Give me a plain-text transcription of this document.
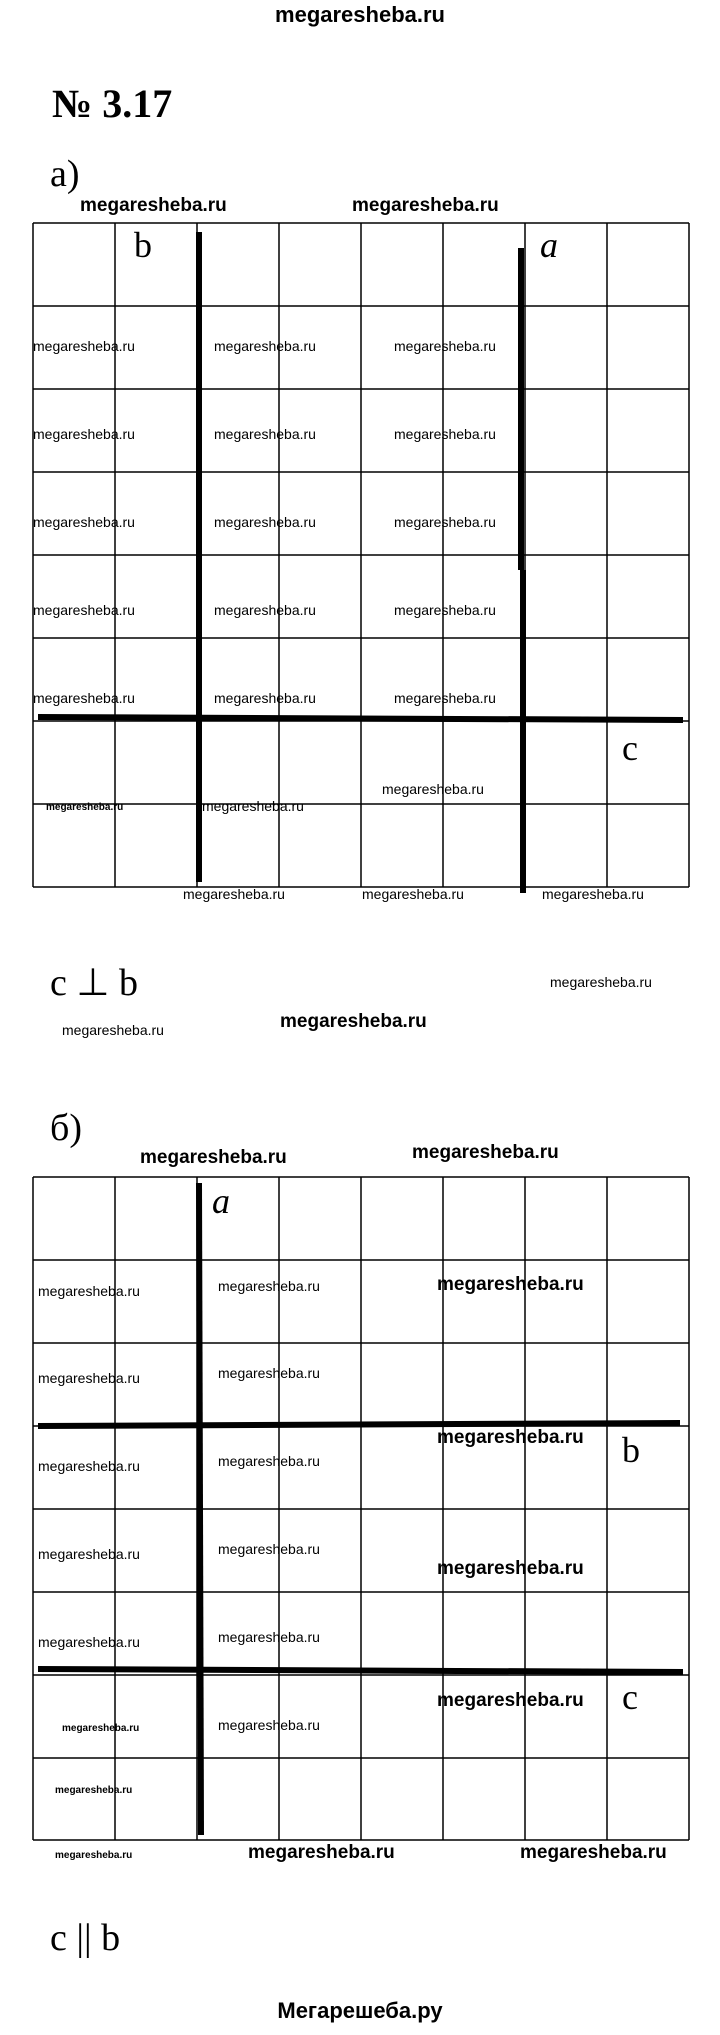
megaresheba.ru
№ 3.17
а)
megaresheba.ru	megaresheba.ru
b	a
c
megaresheba.ru	megaresheba.ru	megaresheba.ru
megaresheba.ru	megaresheba.ru	megaresheba.ru
megaresheba.ru	megaresheba.ru	megaresheba.ru
megaresheba.ru	megaresheba.ru	megaresheba.ru
megaresheba.ru	megaresheba.ru	megaresheba.ru
megaresheba.ru
megaresheba.ru	megaresheba.ru
megaresheba.ru	megaresheba.ru	megaresheba.ru
c ⊥ b	megaresheba.ru
megaresheba.ru	megaresheba.ru
б)
megaresheba.ru	megaresheba.ru
a
b
c
megaresheba.ru	megaresheba.ru	megaresheba.ru
megaresheba.ru	megaresheba.ru
megaresheba.ru	megaresheba.ru
megaresheba.ru
megaresheba.ru	megaresheba.ru
megaresheba.ru
megaresheba.ru	megaresheba.ru
megaresheba.ru
megaresheba.ru	megaresheba.ru
megaresheba.ru
megaresheba.ru	megaresheba.ru	megaresheba.ru
c || b
Мегарешеба.ру
